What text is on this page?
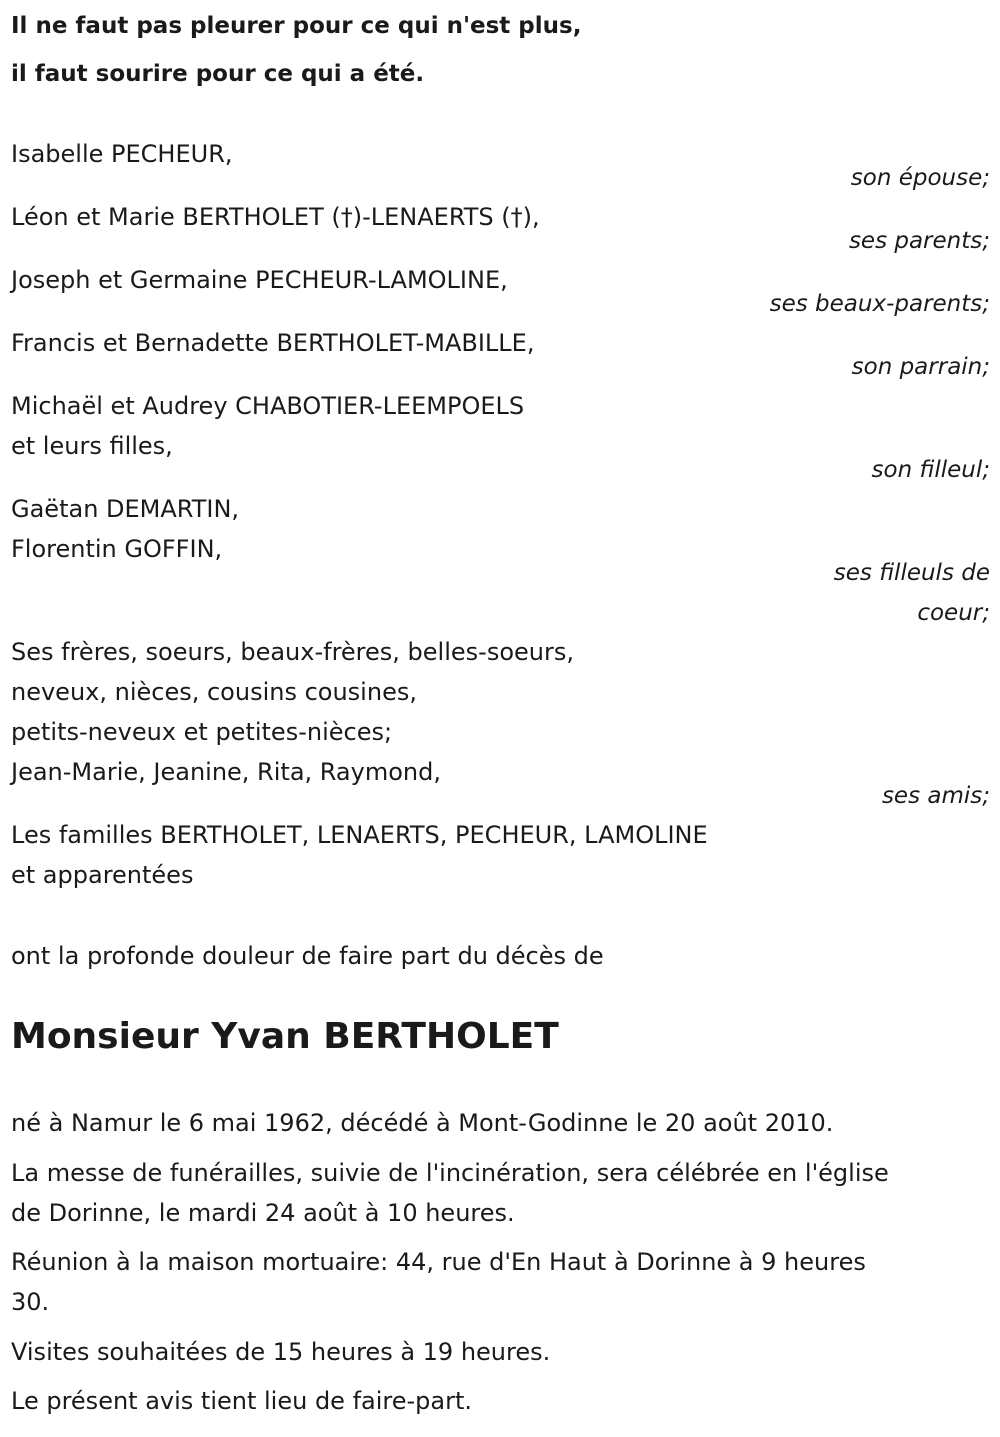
Il ne faut pas pleurer pour ce qui n'est plus,

il faut sourire pour ce qui a été.

Isabelle PECHEUR,

son épouse;

Léon et Marie BERTHOLET (†)-LENAERTS (†),

ses parents;

Joseph et Germaine PECHEUR-LAMOLINE,

ses beaux-parents;

Francis et Bernadette BERTHOLET-MABILLE,

son parrain;

Michaël et Audrey CHABOTIER-LEEMPOELS

et leurs filles,

son filleul;

Gaëtan DEMARTIN,

Florentin GOFFIN,

ses filleuls de
coeur;

Ses frères, soeurs, beaux-frères, belles-soeurs,

neveux, nièces, cousins cousines,

petits-neveux et petites-nièces;

Jean-Marie, Jeanine, Rita, Raymond,

ses amis;

Les familles BERTHOLET, LENAERTS, PECHEUR, LAMOLINE

et apparentées

ont la profonde douleur de faire part du décès de

Monsieur Yvan BERTHOLET

né à Namur le 6 mai 1962, décédé à Mont-Godinne le 20 août 2010.

La messe de funérailles, suivie de l'incinération, sera célébrée en l'église

de Dorinne, le mardi 24 août à 10 heures.

Réunion à la maison mortuaire: 44, rue d'En Haut à Dorinne à 9 heures

30.

Visites souhaitées de 15 heures à 19 heures.

Le présent avis tient lieu de faire-part.
